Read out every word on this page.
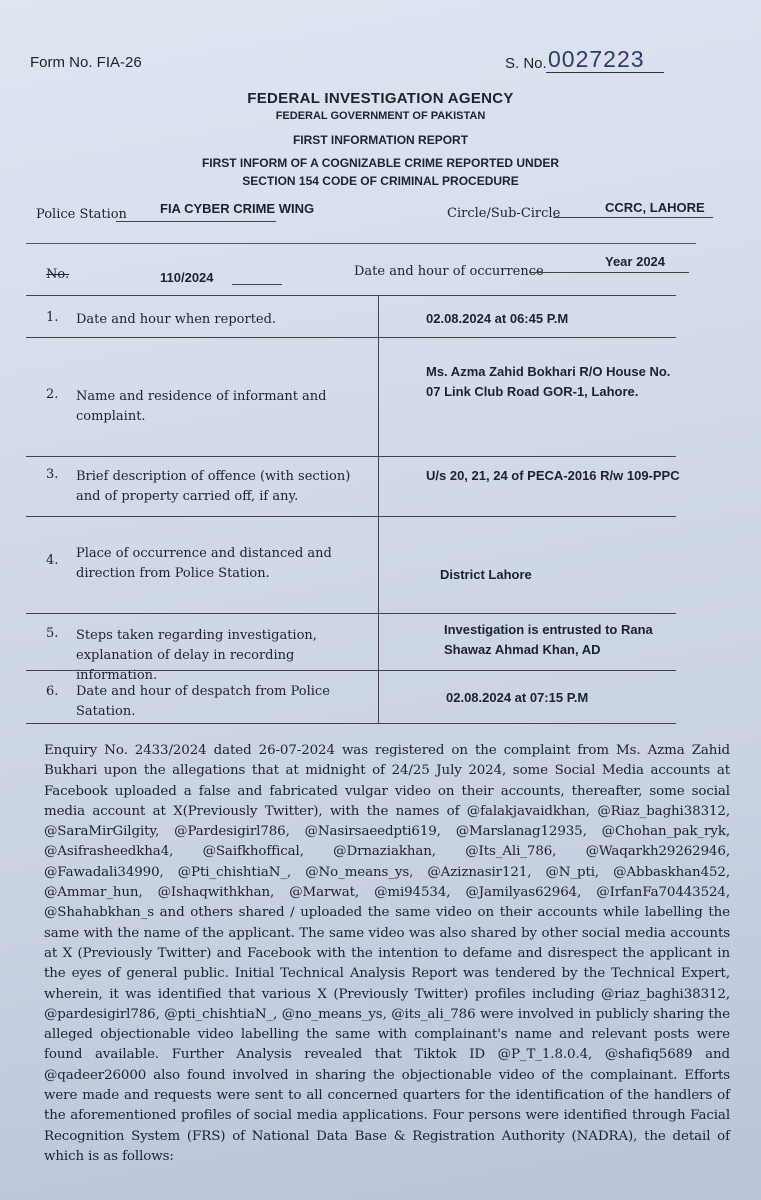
Form No. FIA-26	S. No. 0027223
FEDERAL INVESTIGATION AGENCY
FEDERAL GOVERNMENT OF PAKISTAN
FIRST INFORMATION REPORT
FIRST INFORM OF A COGNIZABLE CRIME REPORTED UNDER
SECTION 154 CODE OF CRIMINAL PROCEDURE
Police Station	FIA CYBER CRIME WING	Circle/Sub-Circle	CCRC, LAHORE
No.	110/2024	Date and hour of occurrence
Year 2024
1. Date and hour when reported.	02.08.2024 at 06:45 P.M
2. Name and residence of informant and complaint.
Ms. Azma Zahid Bokhari R/O House No. 07 Link Club Road GOR-1, Lahore.
3. Brief description of offence (with section) and of property carried off, if any.
U/s 20, 21, 24 of PECA-2016 R/w 109-PPC
4. Place of occurrence and distanced and direction from Police Station.	District Lahore
5. Steps taken regarding investigation, explanation of delay in recording information.
Investigation is entrusted to Rana Shawaz Ahmad Khan, AD
6. Date and hour of despatch from Police Satation.
02.08.2024 at 07:15 P.M
Enquiry No. 2433/2024 dated 26-07-2024 was registered on the complaint from Ms. Azma Zahid Bukhari upon the allegations that at midnight of 24/25 July 2024, some Social Media accounts at Facebook uploaded a false and fabricated vulgar video on their accounts, thereafter, some social media account at X(Previously Twitter), with the names of @falakjavaidkhan, @Riaz_baghi38312, @SaraMirGilgity, @Pardesigirl786, @Nasirsaeedpti619, @Marslanag12935, @Chohan_pak_ryk, @Asifrasheedkha4, @Saifkhoffical, @Drnaziakhan, @Its_Ali_786, @Waqarkh29262946, @Fawadali34990, @Pti_chishtiaN_, @No_means_ys, @Aziznasir121, @N_pti, @Abbaskhan452, @Ammar_hun, @Ishaqwithkhan, @Marwat, @mi94534, @Jamilyas62964, @IrfanFa70443524, @Shahabkhan_s and others shared / uploaded the same video on their accounts while labelling the same with the name of the applicant. The same video was also shared by other social media accounts at X (Previously Twitter) and Facebook with the intention to defame and disrespect the applicant in the eyes of general public. Initial Technical Analysis Report was tendered by the Technical Expert, wherein, it was identified that various X (Previously Twitter) profiles including @riaz_baghi38312, @pardesigirl786, @pti_chishtiaN_, @no_means_ys, @its_ali_786 were involved in publicly sharing the alleged objectionable video labelling the same with complainant's name and relevant posts were found available. Further Analysis revealed that Tiktok ID @P_T_1.8.0.4, @shafiq5689 and @qadeer26000 also found involved in sharing the objectionable video of the complainant. Efforts were made and requests were sent to all concerned quarters for the identification of the handlers of the aforementioned profiles of social media applications. Four persons were identified through Facial Recognition System (FRS) of National Data Base & Registration Authority (NADRA), the detail of which is as follows:
